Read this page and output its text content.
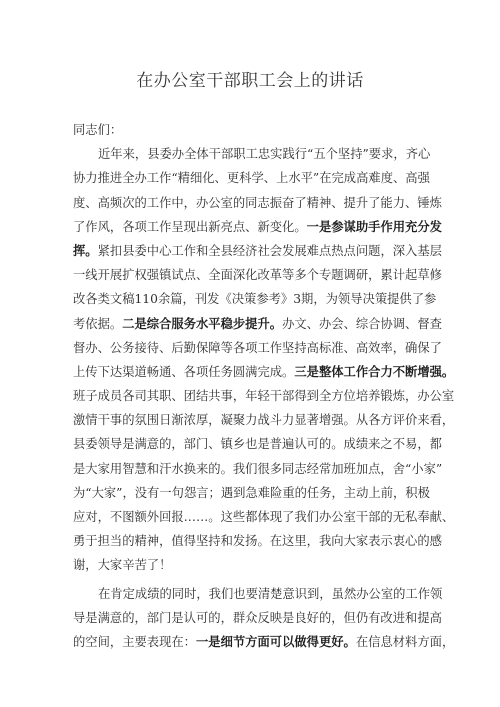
在办公室干部职工会上的讲话
同志们：
近年来，县委办全体干部职工忠实践行“五个坚持”要求，齐心
协力推进全办工作“精细化、更科学、上水平”在完成高难度、高强
度、高频次的工作中，办公室的同志振奋了精神、提升了能力、锤炼
了作风，各项工作呈现出新亮点、新变化。一是参谋助手作用充分发
挥。紧扣县委中心工作和全县经济社会发展难点热点问题，深入基层
一线开展扩权强镇试点、全面深化改革等多个专题调研，累计起草修
改各类文稿110余篇，刊发《决策参考》3期，为领导决策提供了参
考依据。二是综合服务水平稳步提升。办文、办会、综合协调、督查
督办、公务接待、后勤保障等各项工作坚持高标准、高效率，确保了
上传下达渠道畅通、各项任务圆满完成。三是整体工作合力不断增强。
班子成员各司其职、团结共事，年轻干部得到全方位培养锻炼，办公室
激情干事的氛围日渐浓厚，凝聚力战斗力显著增强。从各方评价来看，
县委领导是满意的，部门、镇乡也是普遍认可的。成绩来之不易，都
是大家用智慧和汗水换来的。我们很多同志经常加班加点，舍“小家”
为“大家”，没有一句怨言；遇到急难险重的任务，主动上前，积极
应对，不图额外回报……。这些都体现了我们办公室干部的无私奉献、
勇于担当的精神，值得坚持和发扬。在这里，我向大家表示衷心的感
谢，大家辛苦了！
在肯定成绩的同时，我们也要清楚意识到，虽然办公室的工作领
导是满意的，部门是认可的，群众反映是良好的，但仍有改进和提高
的空间，主要表现在：一是细节方面可以做得更好。在信息材料方面，
